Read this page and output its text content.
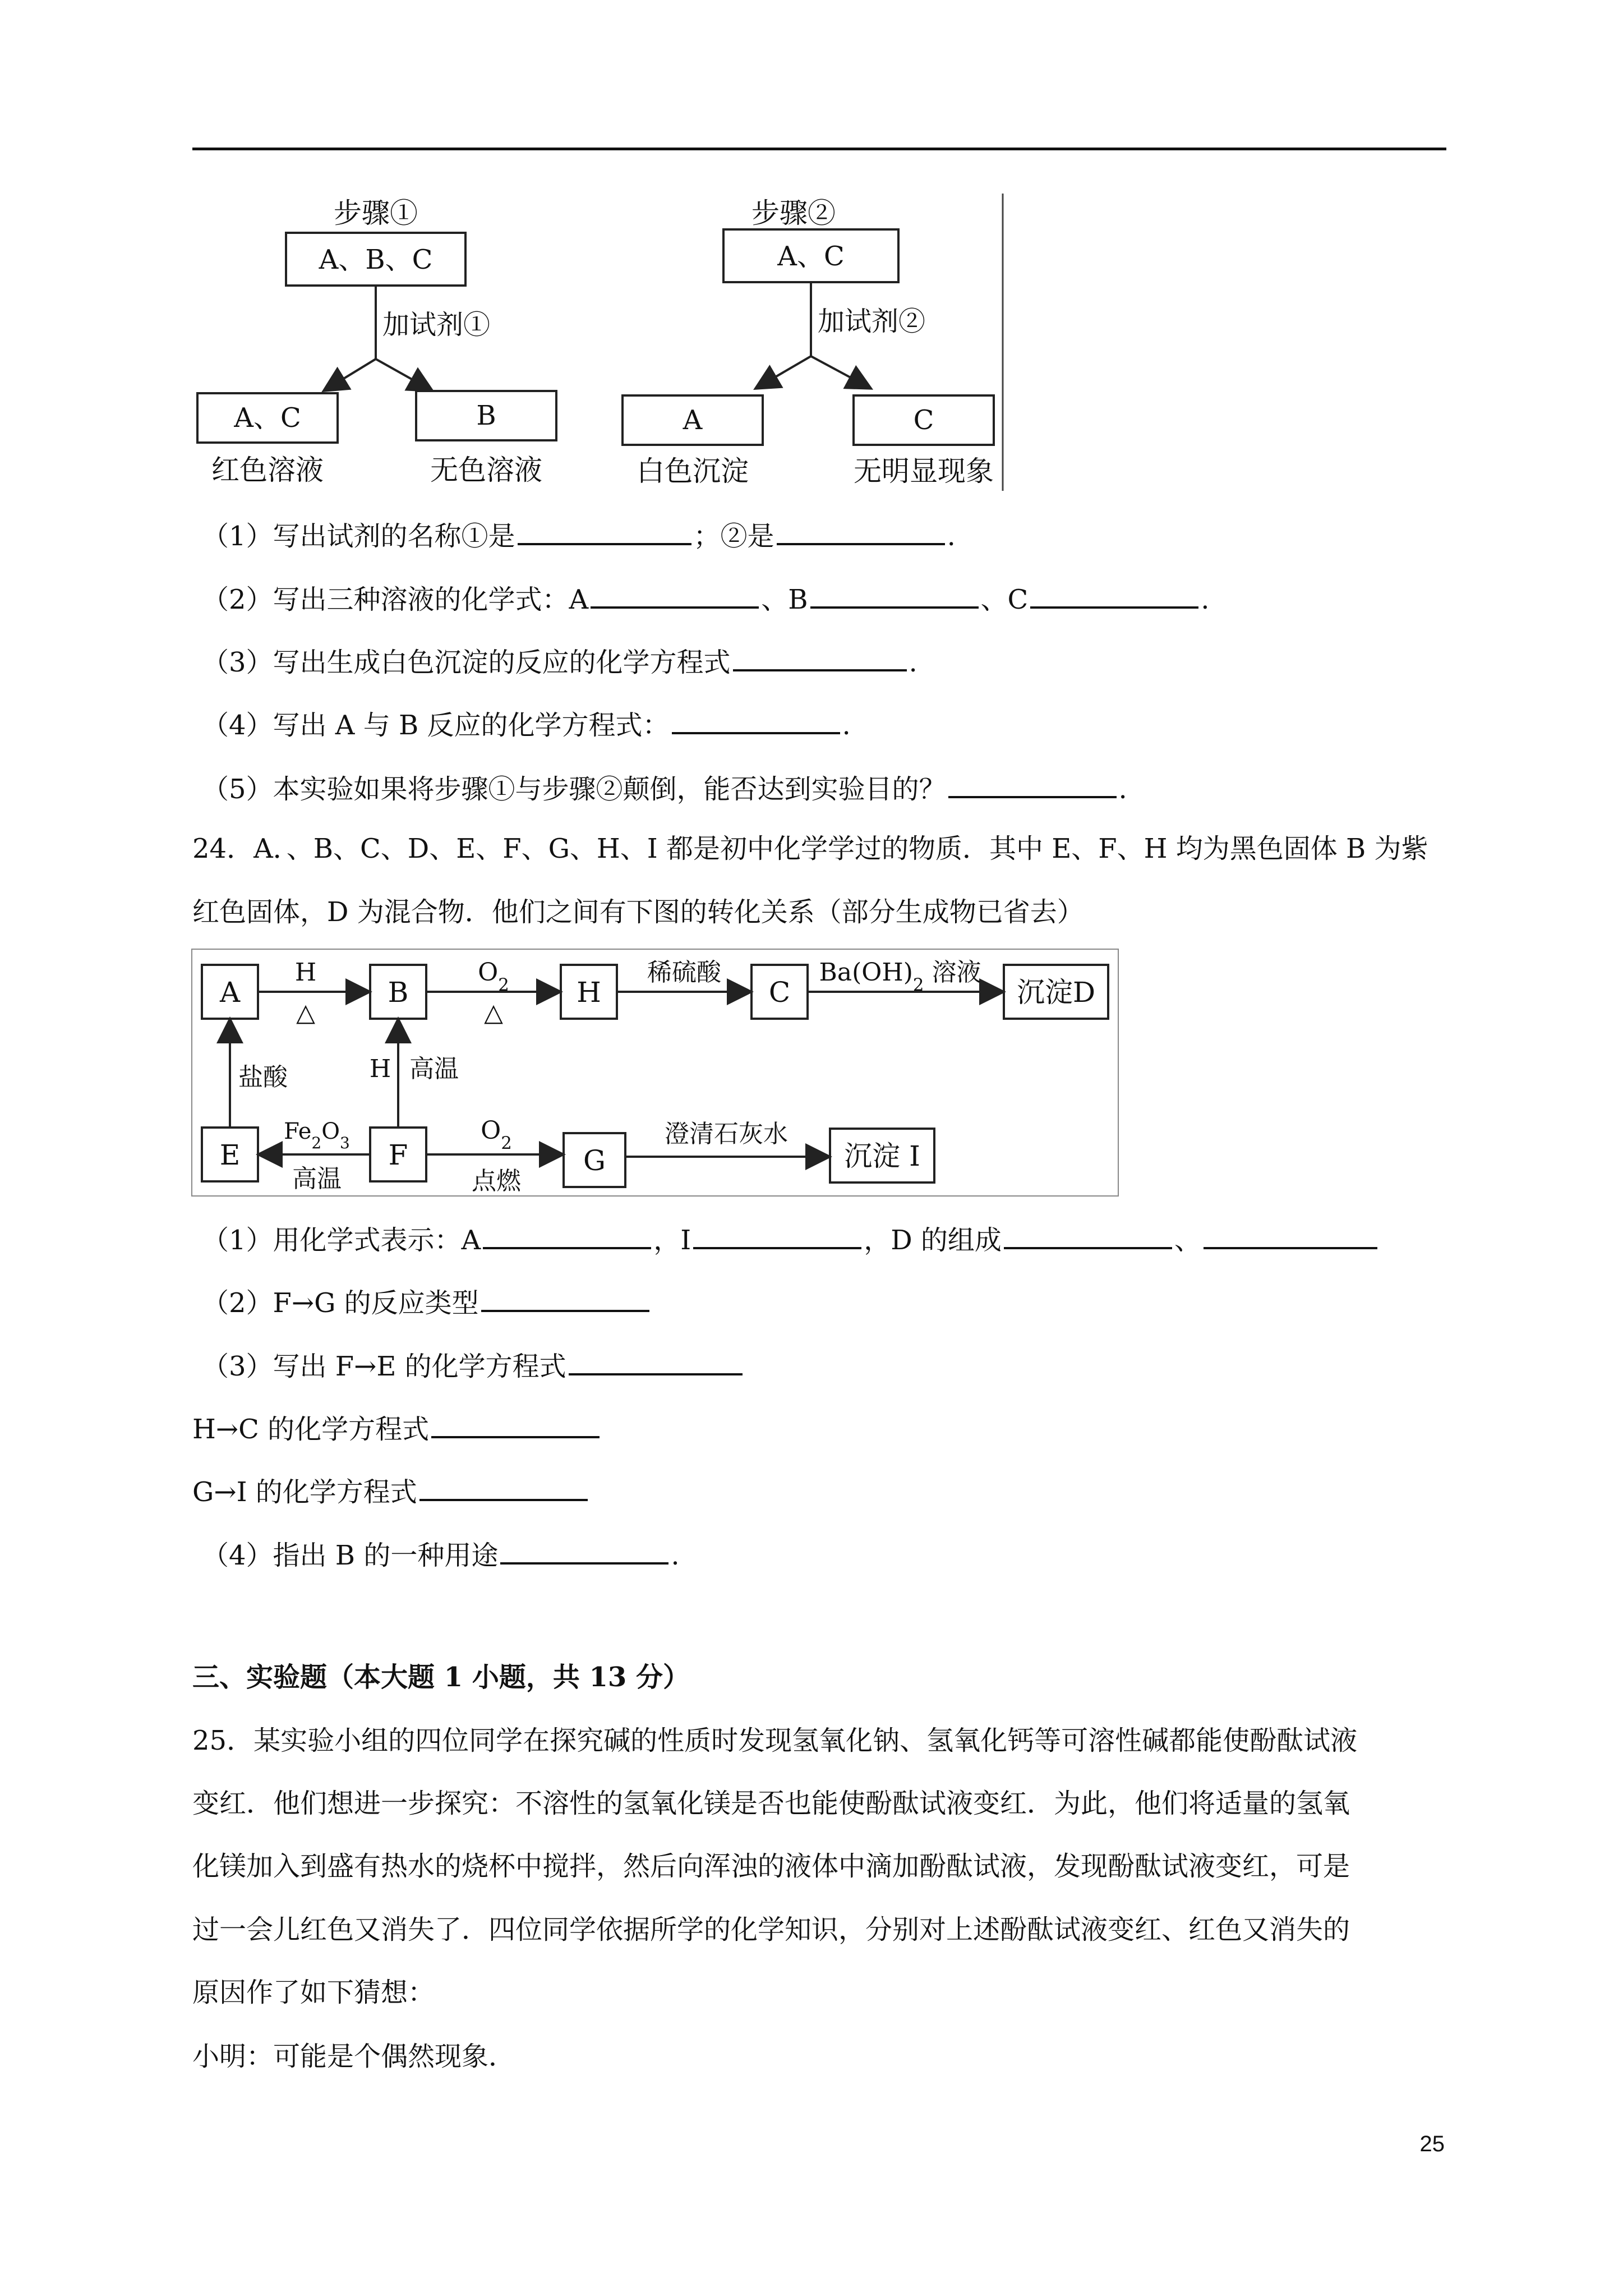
步骤①
A、B、C
加试剂①
A、C	B
红色溶液	无色溶液
步骤②
A、C
加试剂②
A	C
白色沉淀	无明显现象
（1）写出试剂的名称①是	；②是	.
（2）写出三种溶液的化学式：A	、B	、C	.
（3）写出生成白色沉淀的反应的化学方程式	.
（4）写出 A 与 B 反应的化学方程式：	.
（5）本实验如果将步骤①与步骤②颠倒，能否达到实验目的？	.
24．A．、B、C、D、E、F、G、H、I 都是初中化学学过的物质．其中 E、F、H 均为黑色固体 B 为紫
红色固体，D 为混合物．他们之间有下图的转化关系（部分生成物已省去）
A	B	H	C	沉淀D
H
△
$O_2$
△
稀硫酸	$Ba(OH)_2$ 溶液
E	F	G	沉淀 I
盐酸	H 高温
$Fe_2O_3$
高温
$O_2$
点燃
澄清石灰水
（1）用化学式表示：A	，I	，D 的组成	、
（2）F→G 的反应类型
（3）写出 F→E 的化学方程式
H→C 的化学方程式
G→I 的化学方程式
（4）指出 B 的一种用途	.
三、实验题（本大题 1 小题，共 13 分）
25．某实验小组的四位同学在探究碱的性质时发现氢氧化钠、氢氧化钙等可溶性碱都能使酚酞试液
变红．他们想进一步探究：不溶性的氢氧化镁是否也能使酚酞试液变红．为此，他们将适量的氢氧
化镁加入到盛有热水的烧杯中搅拌，然后向浑浊的液体中滴加酚酞试液，发现酚酞试液变红，可是
过一会儿红色又消失了．四位同学依据所学的化学知识，分别对上述酚酞试液变红、红色又消失的
原因作了如下猜想：
小明：可能是个偶然现象．
25
